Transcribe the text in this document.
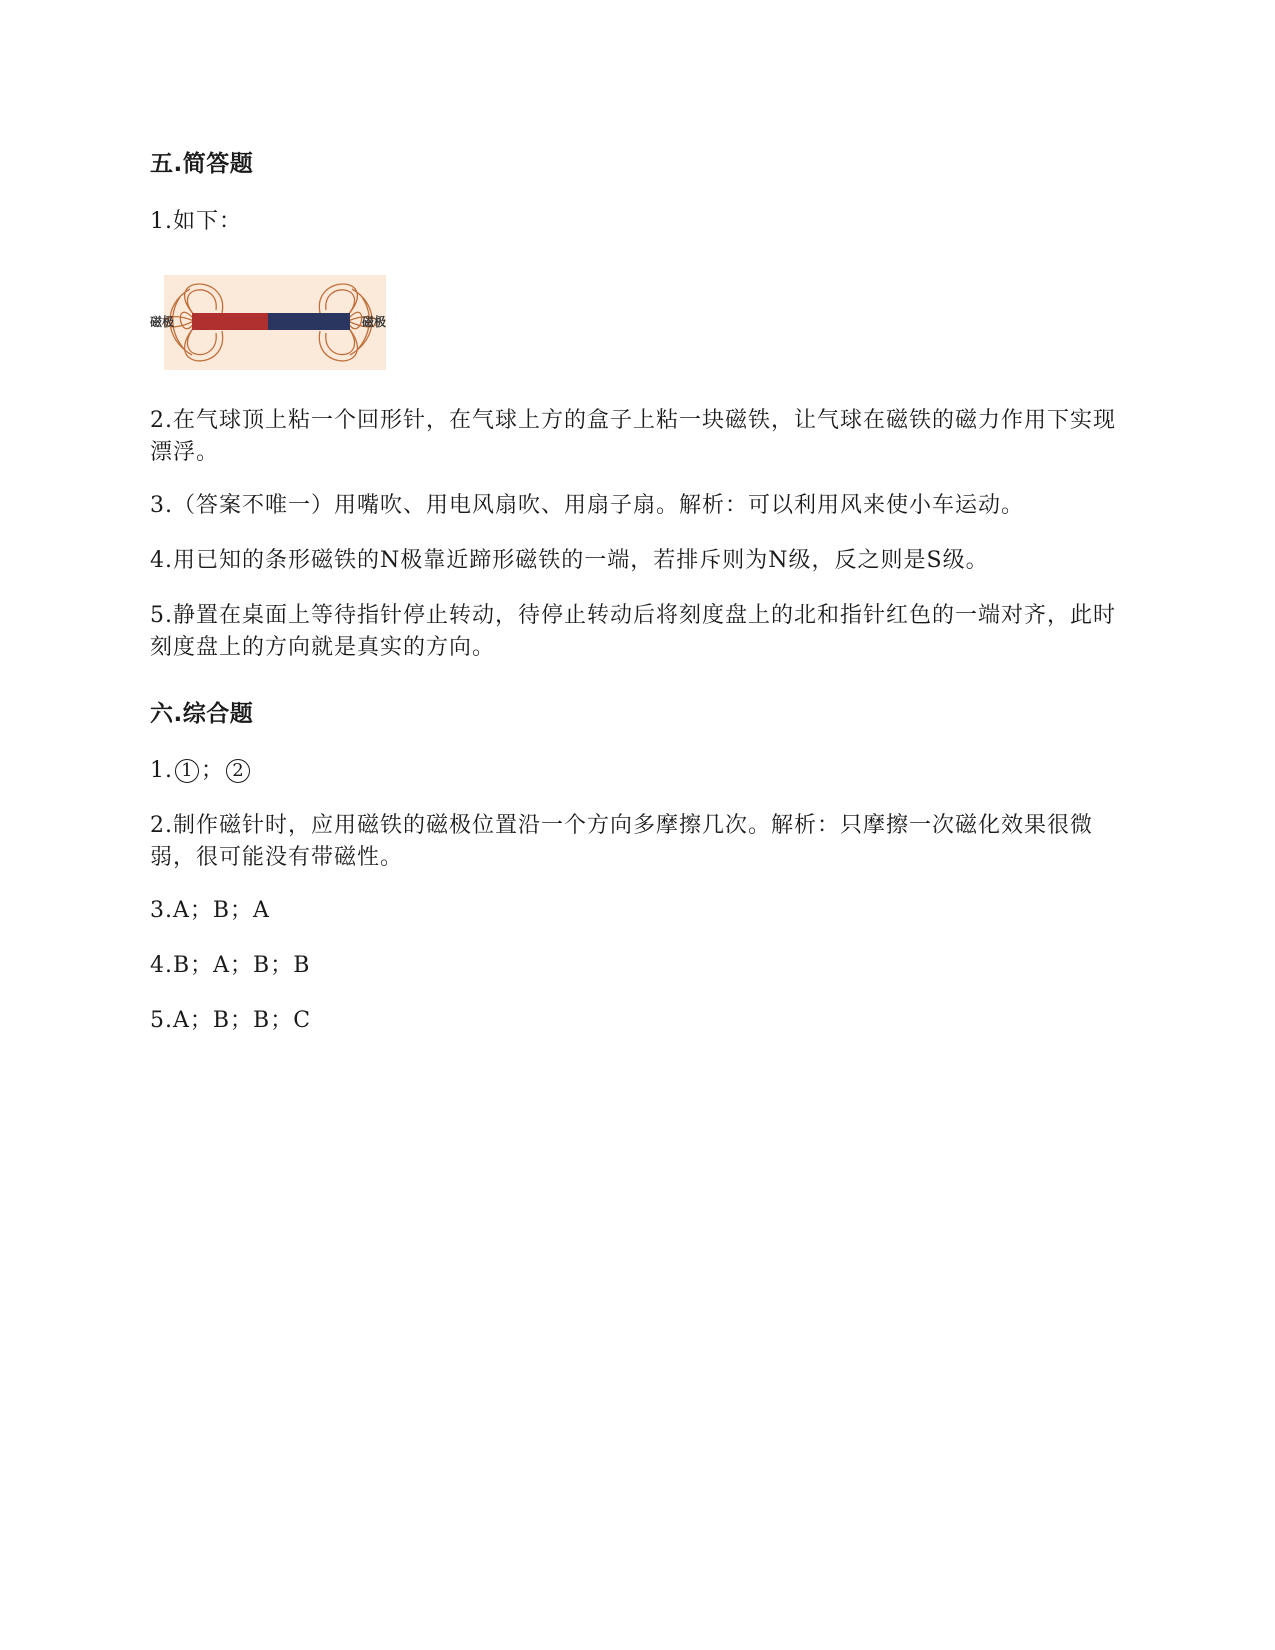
五.简答题
1.如下：
磁极	磁极
2.在气球顶上粘一个回形针，在气球上方的盒子上粘一块磁铁，让气球在磁铁的磁力作用下实现漂浮。
3.（答案不唯一）用嘴吹、用电风扇吹、用扇子扇。解析：可以利用风来使小车运动。
4.用已知的条形磁铁的N极靠近蹄形磁铁的一端，若排斥则为N级，反之则是S级。
5.静置在桌面上等待指针停止转动，待停止转动后将刻度盘上的北和指针红色的一端对齐，此时刻度盘上的方向就是真实的方向。
六.综合题
1. 1 ； 2
2.制作磁针时，应用磁铁的磁极位置沿一个方向多摩擦几次。解析：只摩擦一次磁化效果很微弱，很可能没有带磁性。
3.A；B；A
4.B；A；B；B
5.A；B；B；C
